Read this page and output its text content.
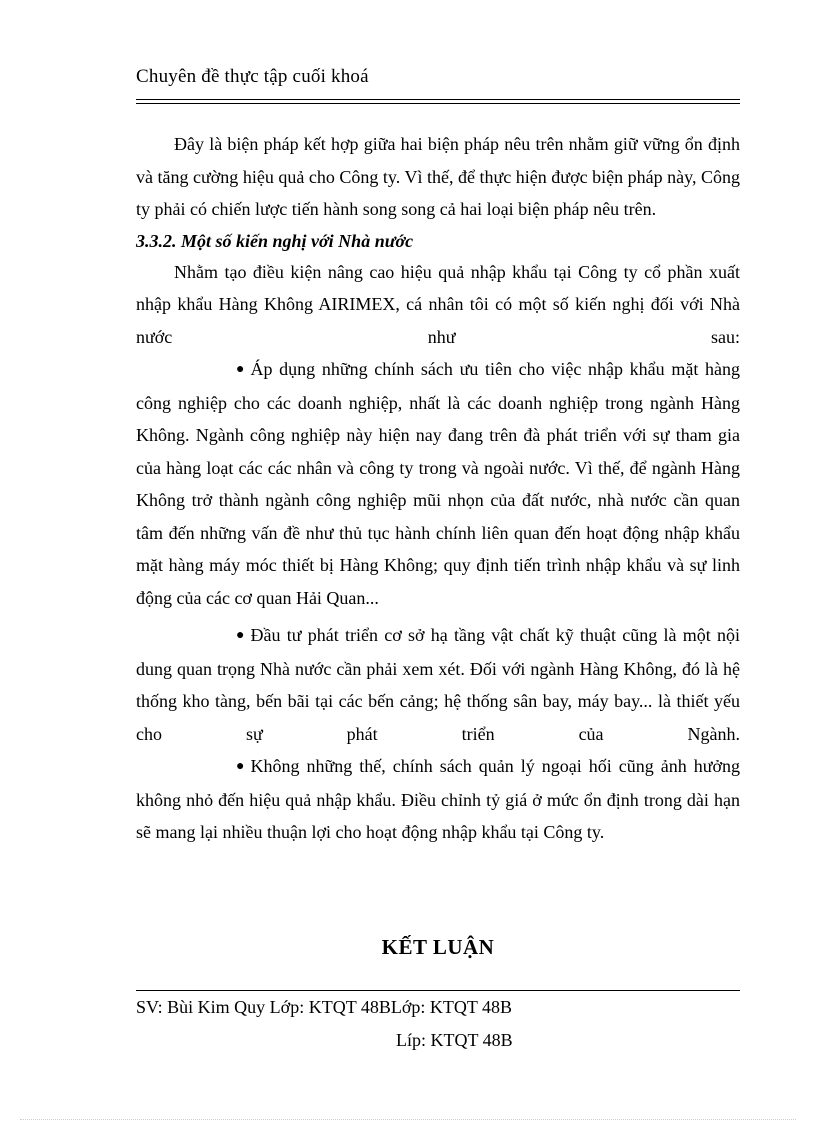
Chuyên đề thực tập cuối khoá

Đây là biện pháp kết hợp giữa hai biện pháp nêu trên nhằm giữ vững ổn định và tăng cường hiệu quả cho Công ty. Vì thế, để thực hiện được biện pháp này, Công ty phải có chiến lược tiến hành song song cả hai loại biện pháp nêu trên.

3.3.2. Một số kiến nghị với Nhà nước

Nhằm tạo điều kiện nâng cao hiệu quả nhập khẩu tại Công ty cổ phần xuất nhập khẩu Hàng Không AIRIMEX, cá nhân tôi có một số kiến nghị đối với Nhà nước như sau:

● Áp dụng những chính sách ưu tiên cho việc nhập khẩu mặt hàng công nghiệp cho các doanh nghiệp, nhất là các doanh nghiệp trong ngành Hàng Không. Ngành công nghiệp này hiện nay đang trên đà phát triển với sự tham gia của hàng loạt các các nhân và công ty trong và ngoài nước. Vì thế, để ngành Hàng Không trở thành ngành công nghiệp mũi nhọn của đất nước, nhà nước cần quan tâm đến những vấn đề như thủ tục hành chính liên quan đến hoạt động nhập khẩu mặt hàng máy móc thiết bị Hàng Không; quy định tiến trình nhập khẩu và sự linh động của các cơ quan Hải Quan...

● Đầu tư phát triển cơ sở hạ tầng vật chất kỹ thuật cũng là một nội dung quan trọng Nhà nước cần phải xem xét. Đối với ngành Hàng Không, đó là hệ thống kho tàng, bến bãi tại các bến cảng; hệ thống sân bay, máy bay... là thiết yếu cho sự phát triển của Ngành.

● Không những thế, chính sách quản lý ngoại hối cũng ảnh hưởng không nhỏ đến hiệu quả nhập khẩu. Điều chỉnh tỷ giá ở mức ổn định trong dài hạn sẽ mang lại nhiều thuận lợi cho hoạt động nhập khẩu tại Công ty.

KẾT LUẬN
SV: Bùi Kim Quy Lớp: KTQT 48BLớp: KTQT 48B
Líp: KTQT 48B
